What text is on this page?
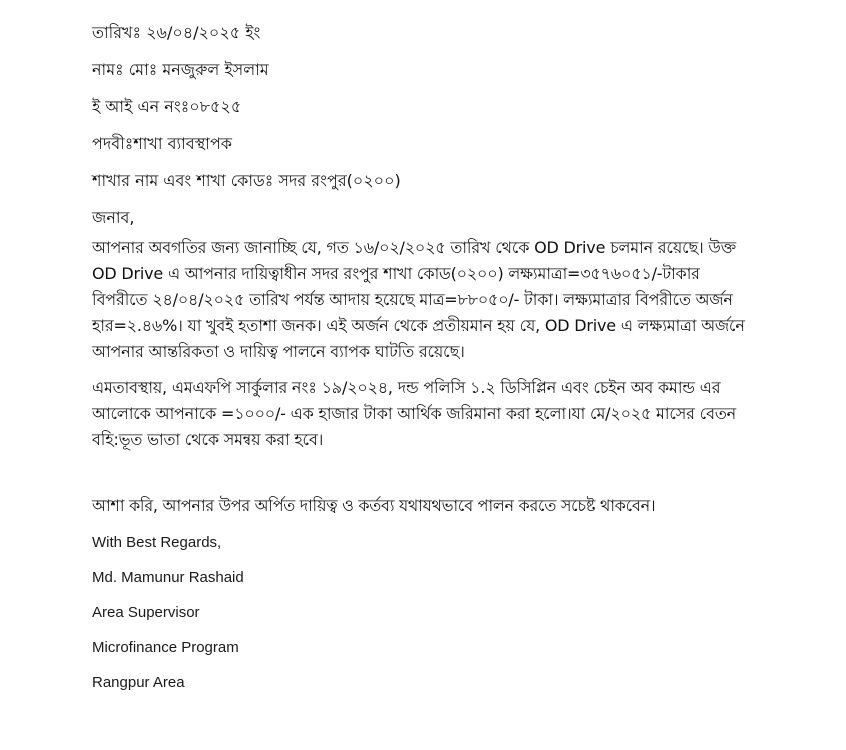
তারিখঃ ২৬/০৪/২০২৫ ইং

নামঃ মোঃ মনজুরুল ইসলাম

ই আই এন নংঃ০৮৫২৫

পদবীঃশাখা ব্যাবস্থাপক

শাখার নাম এবং শাখা কোডঃ সদর রংপুর(০২০০)

জনাব,

আপনার অবগতির জন্য জানাচ্ছি যে, গত ১৬/০২/২০২৫ তারিখ থেকে OD Drive চলমান রয়েছে। উক্ত OD Drive এ আপনার দায়িত্বাধীন সদর রংপুর শাখা কোড(০২০০) লক্ষ্যমাত্রা=৩৫৭৬০৫১/-টাকার বিপরীতে ২৪/০৪/২০২৫ তারিখ পর্যন্ত আদায় হয়েছে মাত্র=৮৮০৫০/- টাকা। লক্ষ্যমাত্রার বিপরীতে অর্জন হার=২.৪৬%। যা খুবই হতাশা জনক। এই অর্জন থেকে প্রতীয়মান হয় যে, OD Drive এ লক্ষ্যমাত্রা অর্জনে আপনার আন্তরিকতা ও দায়িত্ব পালনে ব্যাপক ঘাটতি রয়েছে।

এমতাবস্থায়, এমএফপি সার্কুলার নংঃ ১৯/২০২৪, দন্ড পলিসি ১.২ ডিসিপ্লিন এবং চেইন অব কমান্ড এর আলোকে আপনাকে =১০০০/- এক হাজার টাকা আর্থিক জরিমানা করা হলো।যা মে/২০২৫ মাসের বেতন বহি:ভূত ভাতা থেকে সমন্বয় করা হবে।

আশা করি, আপনার উপর অর্পিত দায়িত্ব ও কর্তব্য যথাযথভাবে পালন করতে সচেষ্ট থাকবেন।

With Best Regards,

Md. Mamunur Rashaid

Area Supervisor

Microfinance Program

Rangpur Area
